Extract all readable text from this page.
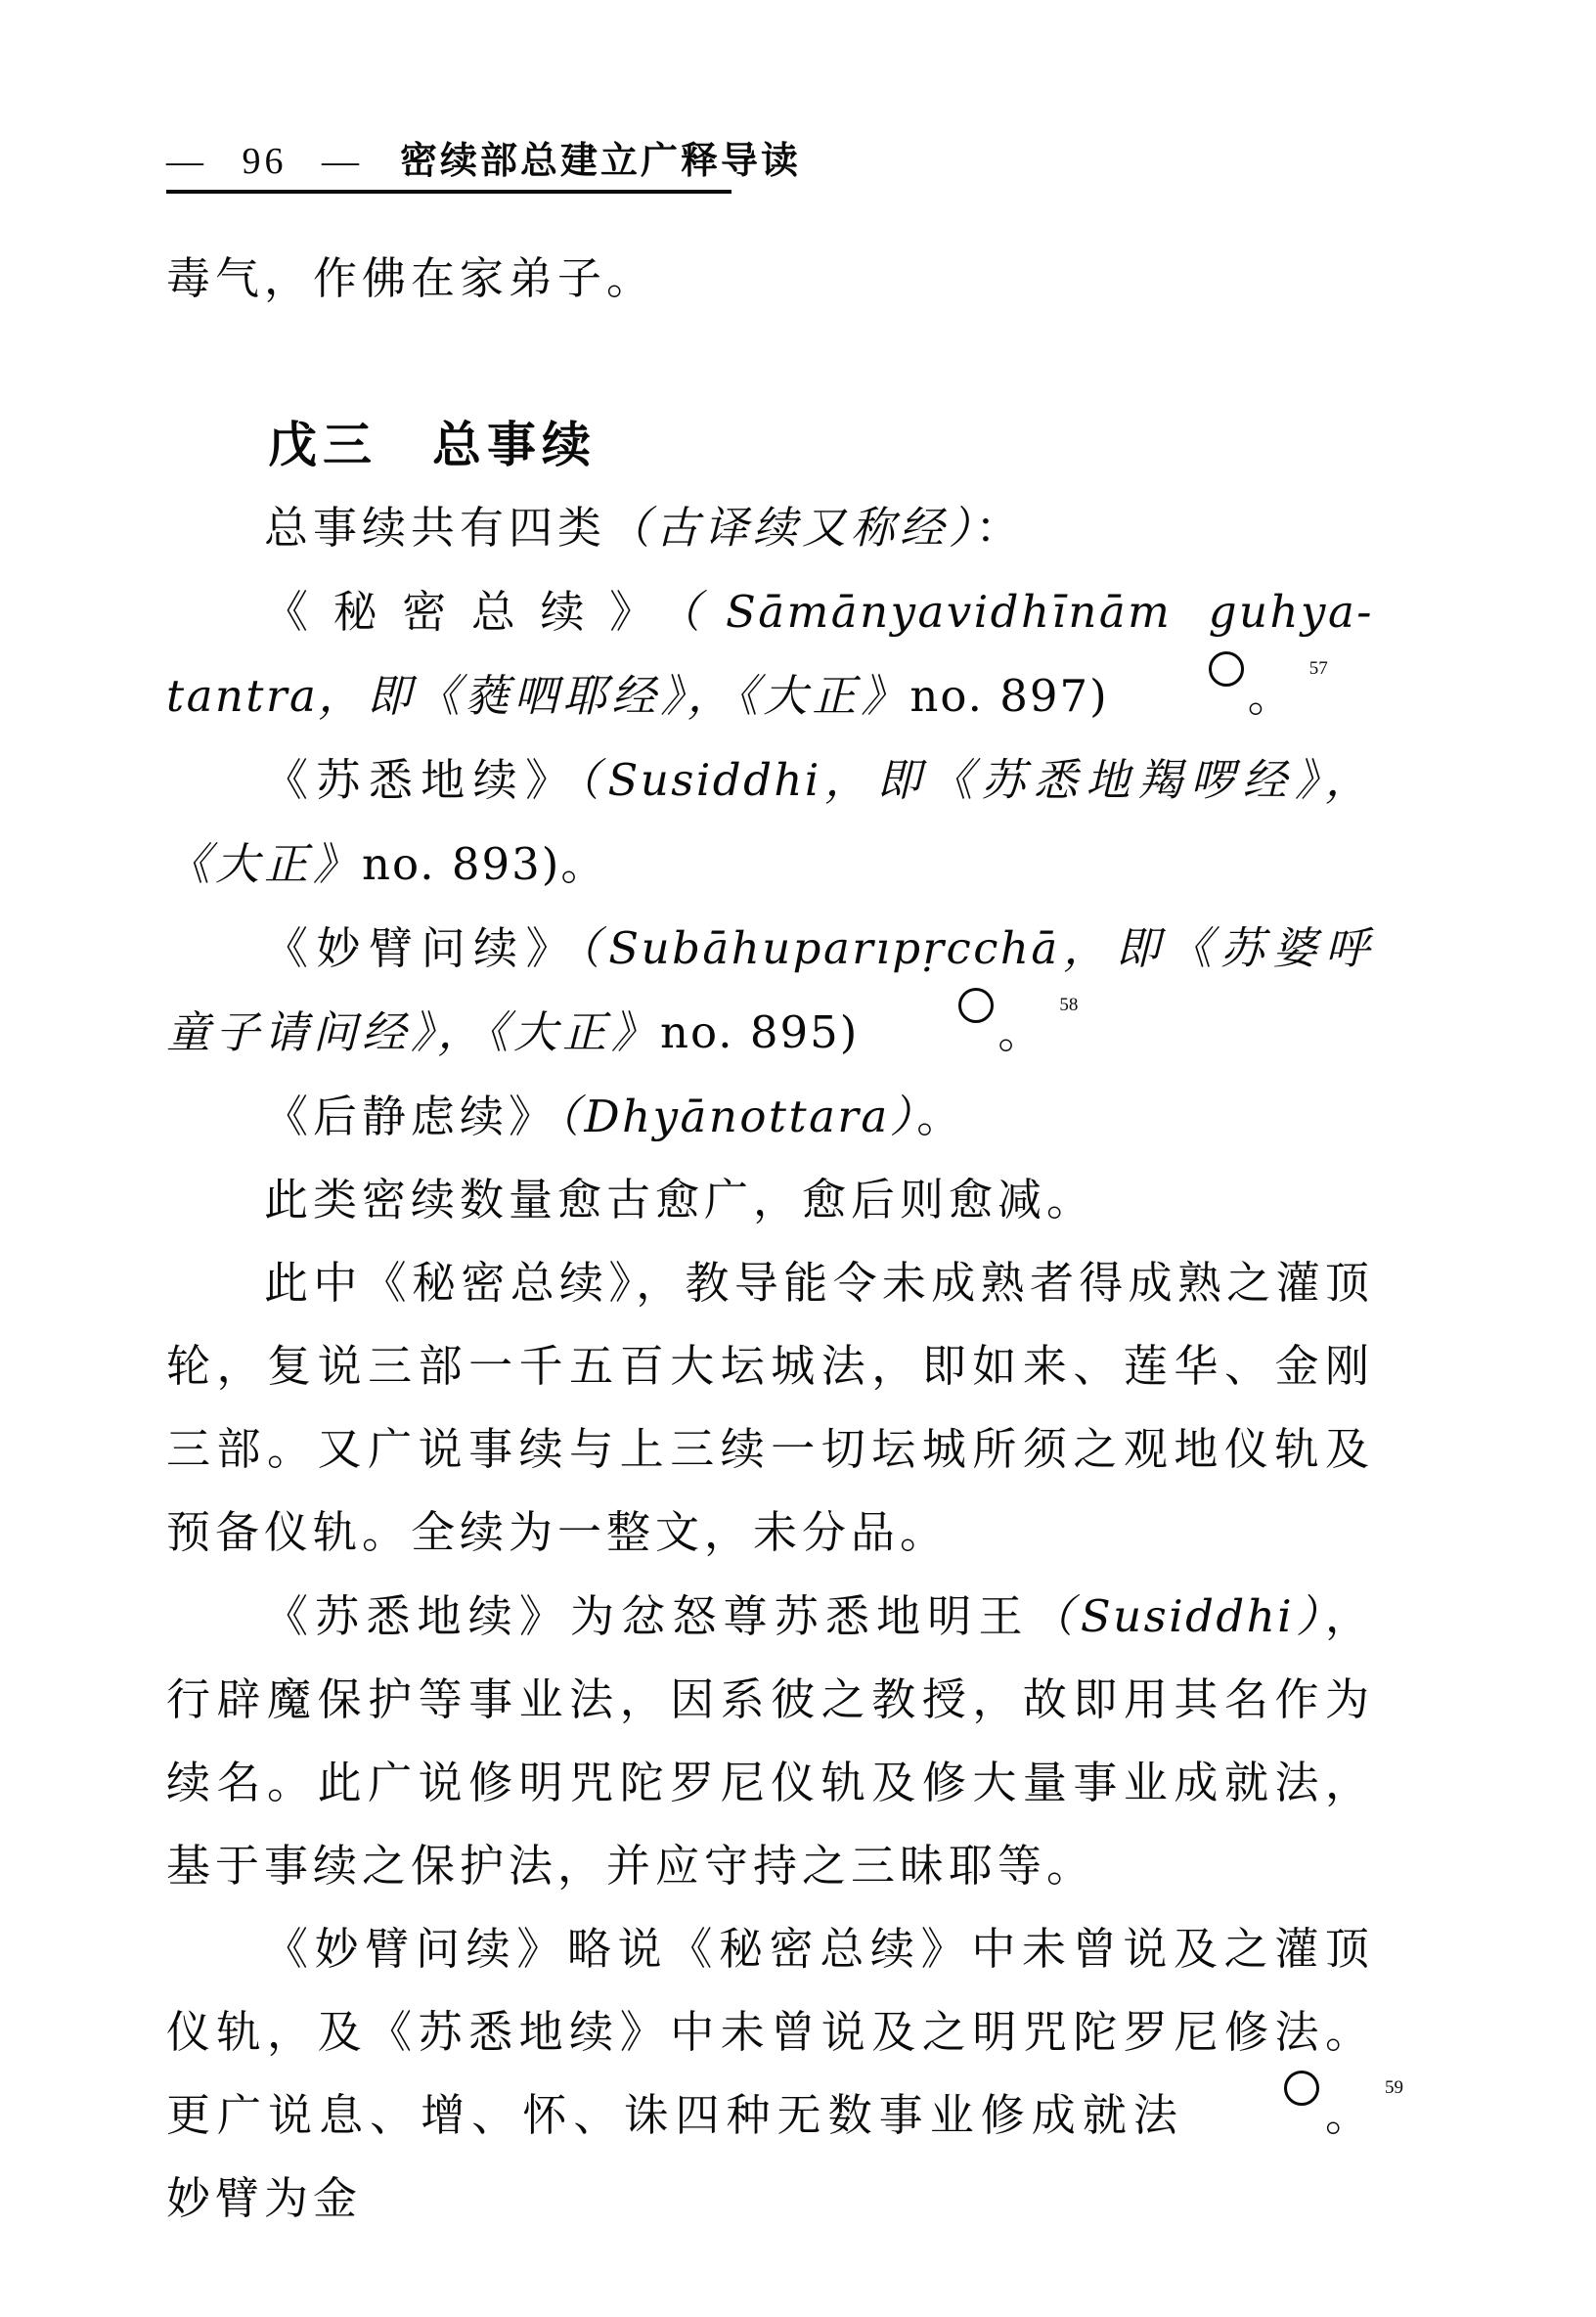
— 96 — 密续部总建立广释导读

毒气，作佛在家弟子。

戊三　总事续

总事续共有四类（古译续又称经）：

《秘密总续》（Sāmānyavidhīnām guhya-tantra，即《蕤呬耶经》，《大正》no. 897)$^{57}$。

《苏悉地续》（Susiddhi，即《苏悉地羯啰经》，《大正》no. 893)。

《妙臂问续》（Subāhuparıpṛcchā，即《苏婆呼童子请问经》，《大正》no. 895)$^{58}$。

《后静虑续》（Dhyānottara）。

此类密续数量愈古愈广，愈后则愈减。

此中《秘密总续》，教导能令未成熟者得成熟之灌顶轮，复说三部一千五百大坛城法，即如来、莲华、金刚三部。又广说事续与上三续一切坛城所须之观地仪轨及预备仪轨。全续为一整文，未分品。

《苏悉地续》为忿怒尊苏悉地明王（Susiddhi），行辟魔保护等事业法，因系彼之教授，故即用其名作为续名。此广说修明咒陀罗尼仪轨及修大量事业成就法，基于事续之保护法，并应守持之三昧耶等。

《妙臂问续》略说《秘密总续》中未曾说及之灌顶仪轨，及《苏悉地续》中未曾说及之明咒陀罗尼修法。更广说息、增、怀、诛四种无数事业修成就法$^{59}$。妙臂为金
